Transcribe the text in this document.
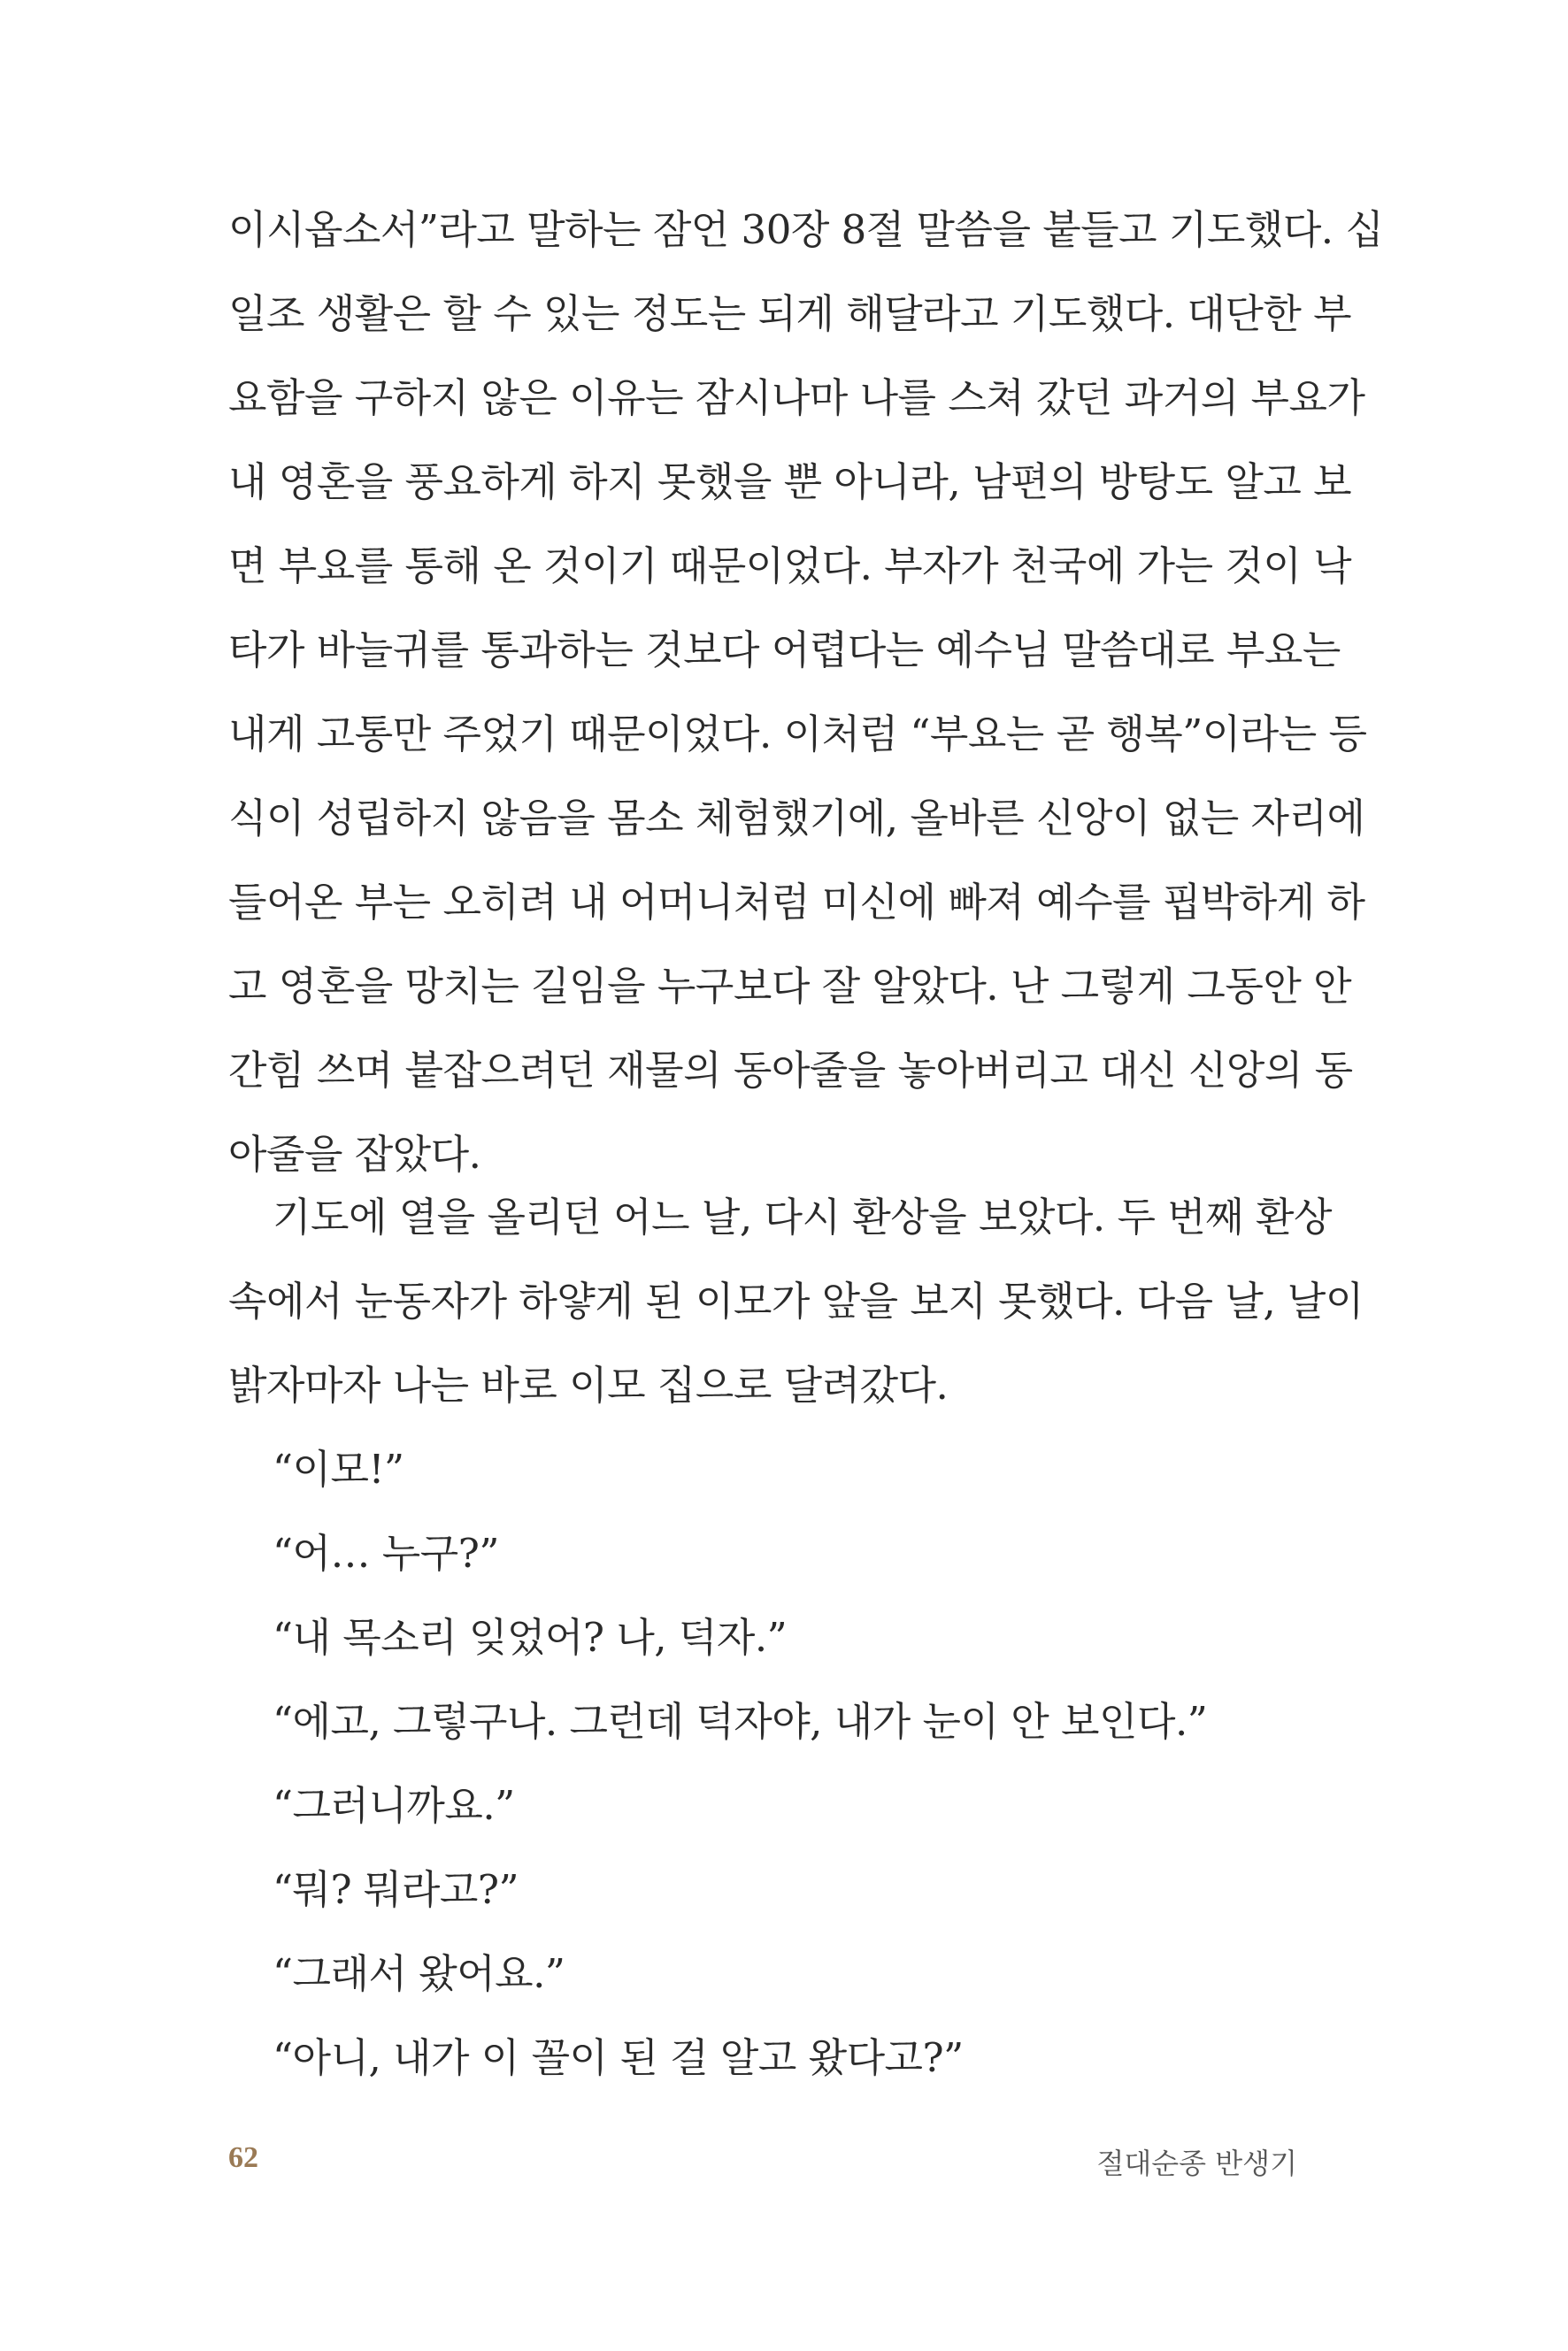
이시옵소서”라고 말하는 잠언 30장 8절 말씀을 붙들고 기도했다. 십
일조 생활은 할 수 있는 정도는 되게 해달라고 기도했다. 대단한 부
요함을 구하지 않은 이유는 잠시나마 나를 스쳐 갔던 과거의 부요가
내 영혼을 풍요하게 하지 못했을 뿐 아니라, 남편의 방탕도 알고 보
면 부요를 통해 온 것이기 때문이었다. 부자가 천국에 가는 것이 낙
타가 바늘귀를 통과하는 것보다 어렵다는 예수님 말씀대로 부요는
내게 고통만 주었기 때문이었다. 이처럼 “부요는 곧 행복”이라는 등
식이 성립하지 않음을 몸소 체험했기에, 올바른 신앙이 없는 자리에
들어온 부는 오히려 내 어머니처럼 미신에 빠져 예수를 핍박하게 하
고 영혼을 망치는 길임을 누구보다 잘 알았다. 난 그렇게 그동안 안
간힘 쓰며 붙잡으려던 재물의 동아줄을 놓아버리고 대신 신앙의 동
아줄을 잡았다.
기도에 열을 올리던 어느 날, 다시 환상을 보았다. 두 번째 환상
속에서 눈동자가 하얗게 된 이모가 앞을 보지 못했다. 다음 날, 날이
밝자마자 나는 바로 이모 집으로 달려갔다.
“이모!”
“어… 누구?”
“내 목소리 잊었어? 나, 덕자.”
“에고, 그렇구나. 그런데 덕자야, 내가 눈이 안 보인다.”
“그러니까요.”
“뭐? 뭐라고?”
“그래서 왔어요.”
“아니, 내가 이 꼴이 된 걸 알고 왔다고?”
62	절대순종 반생기
